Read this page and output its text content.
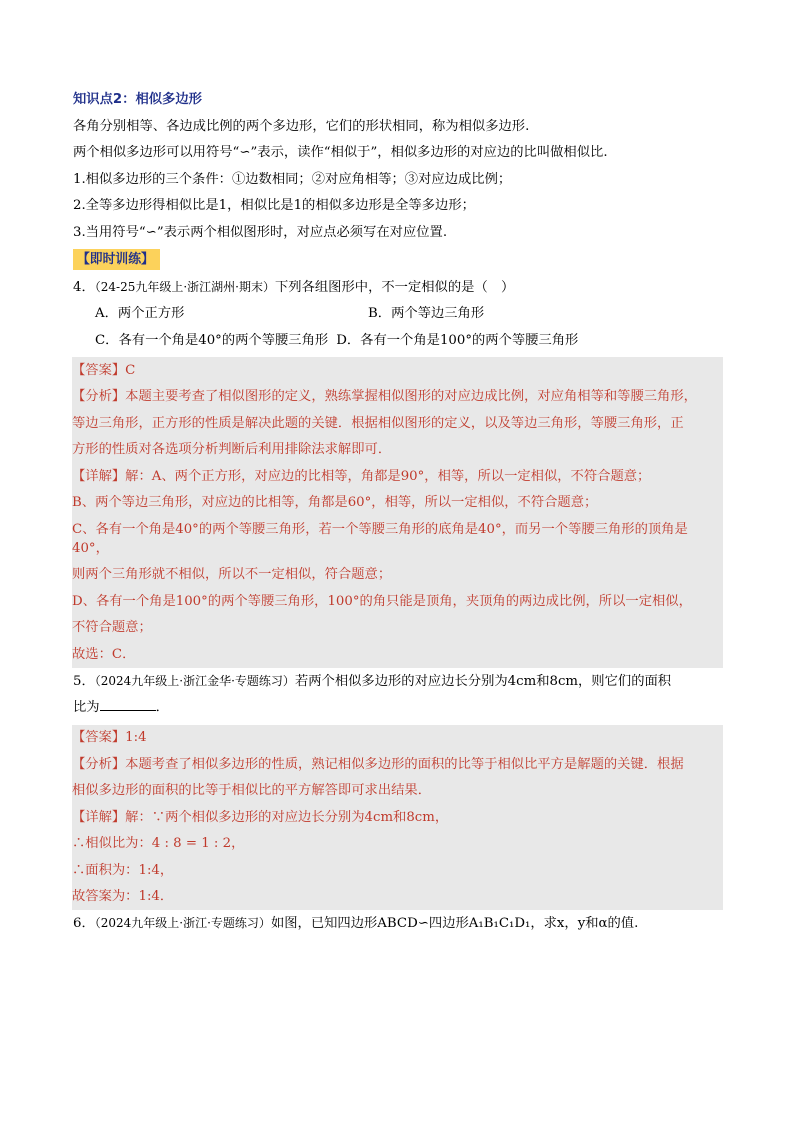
知识点2：相似多边形
各角分别相等、各边成比例的两个多边形，它们的形状相同，称为相似多边形.
两个相似多边形可以用符号“∽”表示，读作“相似于”，相似多边形的对应边的比叫做相似比.
1.相似多边形的三个条件：①边数相同；②对应角相等；③对应边成比例；
2.全等多边形得相似比是1，相似比是1的相似多边形是全等多边形；
3.当用符号“∽”表示两个相似图形时，对应点必须写在对应位置.
【即时训练】
4．（24-25九年级上·浙江湖州·期末）下列各组图形中，不一定相似的是（　）
A．两个正方形	B．两个等边三角形
C．各有一个角是40°的两个等腰三角形 D．各有一个角是100°的两个等腰三角形
【答案】C
【分析】本题主要考查了相似图形的定义，熟练掌握相似图形的对应边成比例，对应角相等和等腰三角形，
等边三角形，正方形的性质是解决此题的关键．根据相似图形的定义，以及等边三角形，等腰三角形，正
方形的性质对各选项分析判断后利用排除法求解即可．
【详解】解：A、两个正方形，对应边的比相等，角都是90°，相等，所以一定相似，不符合题意；
B、两个等边三角形，对应边的比相等，角都是60°，相等，所以一定相似，不符合题意；
C、各有一个角是40°的两个等腰三角形，若一个等腰三角形的底角是40°，而另一个等腰三角形的顶角是40°，
则两个三角形就不相似，所以不一定相似，符合题意；
D、各有一个角是100°的两个等腰三角形，100°的角只能是顶角，夹顶角的两边成比例，所以一定相似，
不符合题意；
故选：C．
5．（2024九年级上·浙江金华·专题练习）若两个相似多边形的对应边长分别为4cm和8cm，则它们的面积
比为	．
【答案】1:4
【分析】本题考查了相似多边形的性质，熟记相似多边形的面积的比等于相似比平方是解题的关键．根据
相似多边形的面积的比等于相似比的平方解答即可求出结果．
【详解】解：∵两个相似多边形的对应边长分别为4cm和8cm，
∴相似比为：4 : 8 = 1 : 2，
∴面积为：1:4，
故答案为：1:4．
6．（2024九年级上·浙江·专题练习）如图，已知四边形ABCD∽四边形A₁B₁C₁D₁，求x，y和α的值.
